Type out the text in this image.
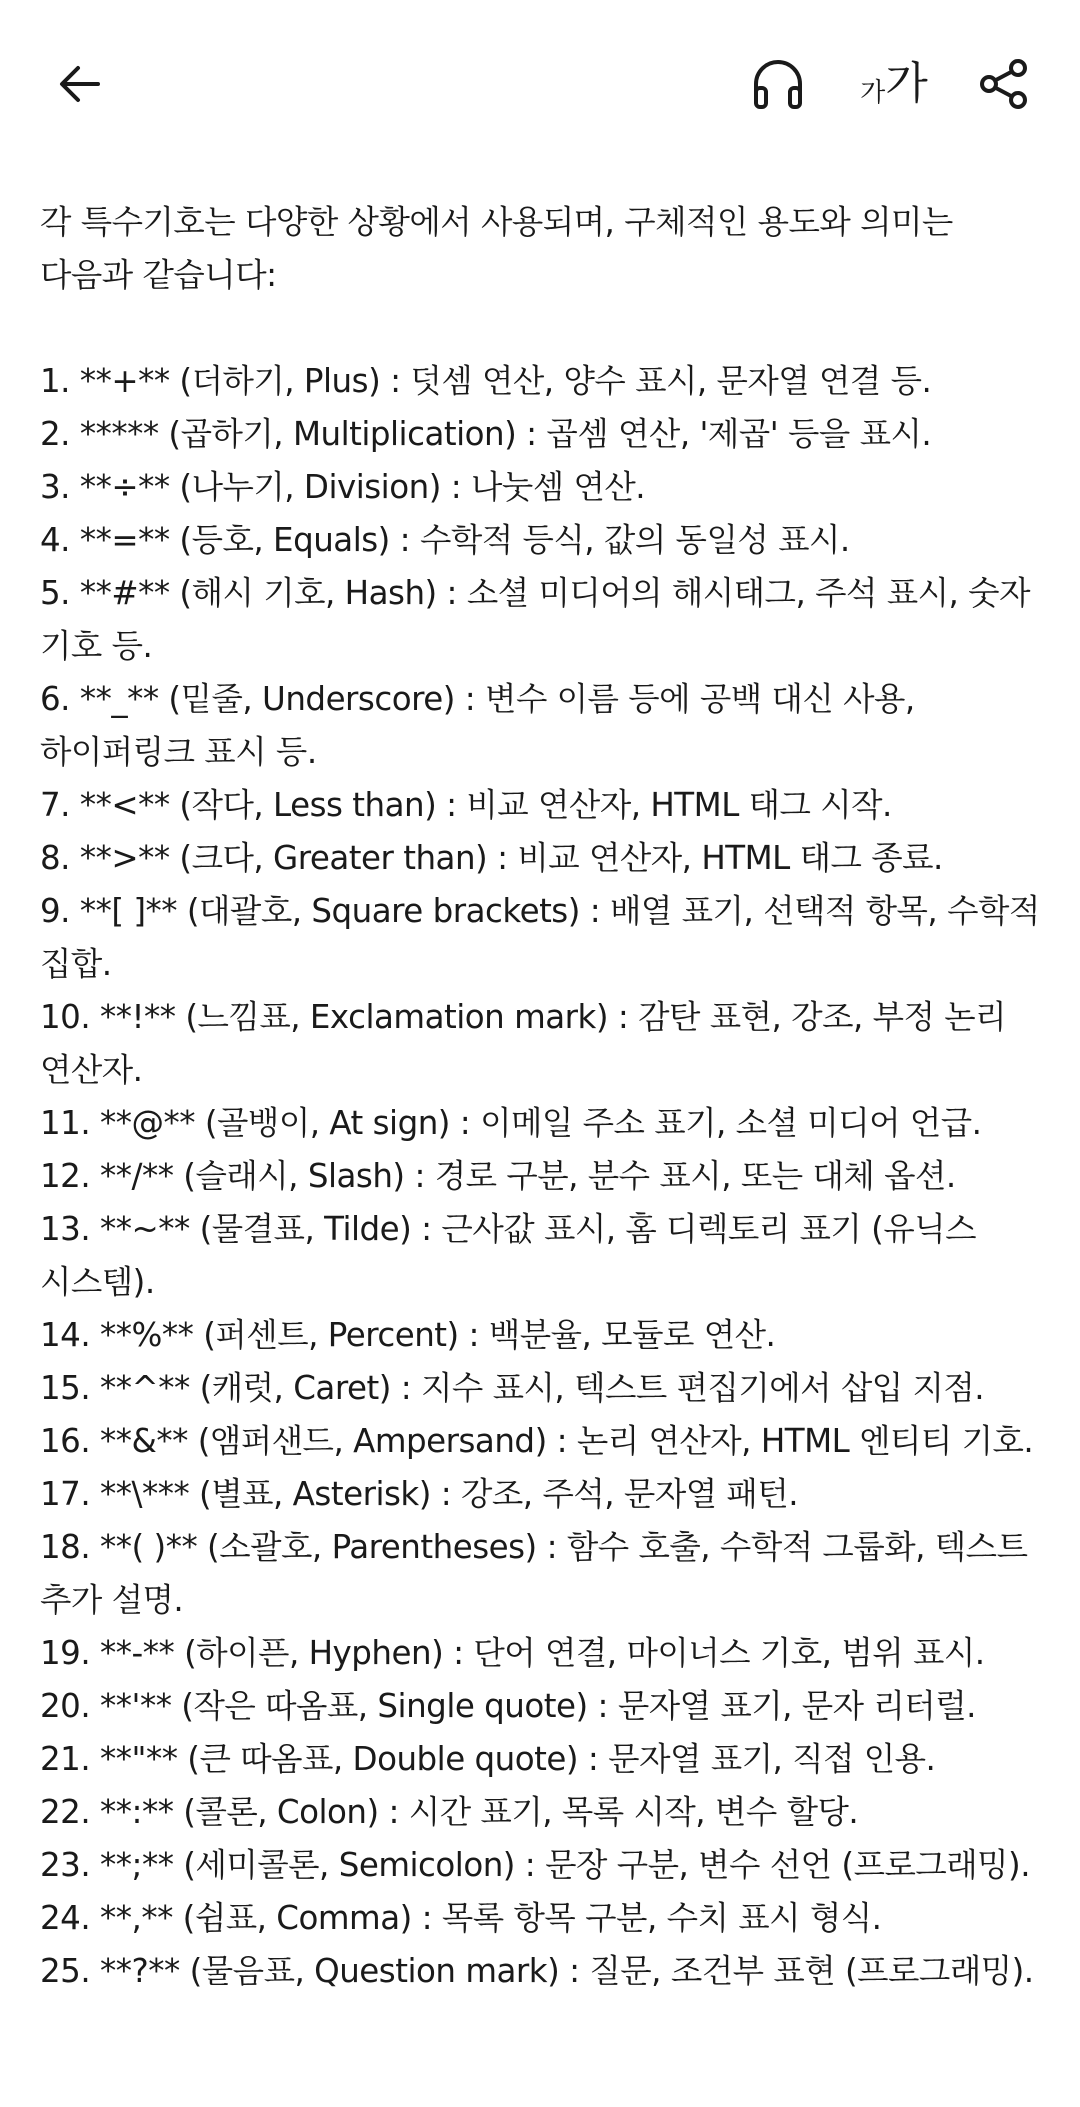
가 가

각 특수기호는 다양한 상황에서 사용되며, 구체적인 용도와 의미는 다음과 같습니다:

1. **+** (더하기, Plus) : 덧셈 연산, 양수 표시, 문자열 연결 등.

2. ***** (곱하기, Multiplication) : 곱셈 연산, '제곱' 등을 표시.

3. **÷** (나누기, Division) : 나눗셈 연산.

4. **=** (등호, Equals) : 수학적 등식, 값의 동일성 표시.

5. **#** (해시 기호, Hash) : 소셜 미디어의 해시태그, 주석 표시, 숫자 기호 등.

6. **_** (밑줄, Underscore) : 변수 이름 등에 공백 대신 사용, 하이퍼링크 표시 등.

7. **<** (작다, Less than) : 비교 연산자, HTML 태그 시작.

8. **>** (크다, Greater than) : 비교 연산자, HTML 태그 종료.

9. **[ ]** (대괄호, Square brackets) : 배열 표기, 선택적 항목, 수학적 집합.

10. **!** (느낌표, Exclamation mark) : 감탄 표현, 강조, 부정 논리 연산자.

11. **@** (골뱅이, At sign) : 이메일 주소 표기, 소셜 미디어 언급.

12. **/** (슬래시, Slash) : 경로 구분, 분수 표시, 또는 대체 옵션.

13. **~** (물결표, Tilde) : 근사값 표시, 홈 디렉토리 표기 (유닉스 시스템).

14. **%** (퍼센트, Percent) : 백분율, 모듈로 연산.

15. **^** (캐럿, Caret) : 지수 표시, 텍스트 편집기에서 삽입 지점.

16. **&** (앰퍼샌드, Ampersand) : 논리 연산자, HTML 엔티티 기호.

17. **\*** (별표, Asterisk) : 강조, 주석, 문자열 패턴.

18. **( )** (소괄호, Parentheses) : 함수 호출, 수학적 그룹화, 텍스트 추가 설명.

19. **-** (하이픈, Hyphen) : 단어 연결, 마이너스 기호, 범위 표시.

20. **'** (작은 따옴표, Single quote) : 문자열 표기, 문자 리터럴.

21. **"** (큰 따옴표, Double quote) : 문자열 표기, 직접 인용.

22. **:** (콜론, Colon) : 시간 표기, 목록 시작, 변수 할당.

23. **;** (세미콜론, Semicolon) : 문장 구분, 변수 선언 (프로그래밍).

24. **,** (쉼표, Comma) : 목록 항목 구분, 수치 표시 형식.

25. **?** (물음표, Question mark) : 질문, 조건부 표현 (프로그래밍).
